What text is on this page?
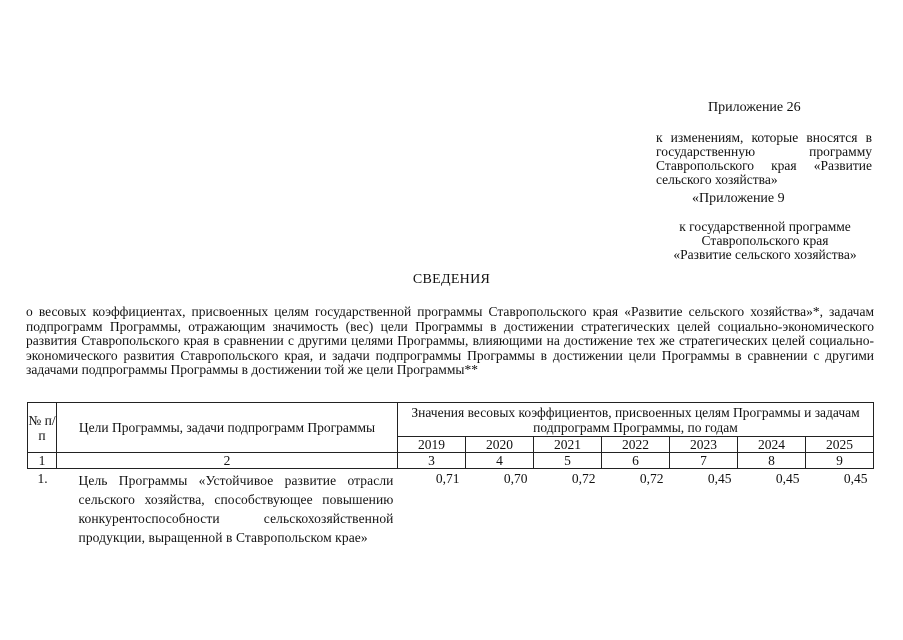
Приложение 26
к изменениям, которые вносятся в государственную программу Ставропольского края «Развитие сельского хозяйства»
«Приложение 9
к государственной программе
Ставропольского края
«Развитие сельского хозяйства»
СВЕДЕНИЯ
о весовых коэффициентах, присвоенных целям государственной программы Ставропольского края «Развитие сельского хозяйства»*, задачам подпрограмм Программы, отражающим значимость (вес) цели Программы в достижении стратегических целей социально-экономического развития Ставропольского края в сравнении с другими целями Программы, влияющими на достижение тех же стратегических целей социально-экономического развития Ставропольского края, и задачи подпрограммы Программы в достижении цели Программы в сравнении с другими задачами подпрограммы Программы в достижении той же цели Программы**
№ п/п	Цели Программы, задачи подпрограмм Программы	Значения весовых коэффициентов, присвоенных целям Программы и задачам подпрограмм Программы, по годам						
		2019	2020	2021	2022	2023	2024	2025
1	2	3	4	5	6	7	8	9
1.	Цель Программы «Устойчивое развитие отрасли сельского хозяйства, способствующее повышению конкурентоспособности сельскохозяйственной продукции, выращенной в Ставропольском крае»	0,71	0,70	0,72	0,72	0,45	0,45	0,45
